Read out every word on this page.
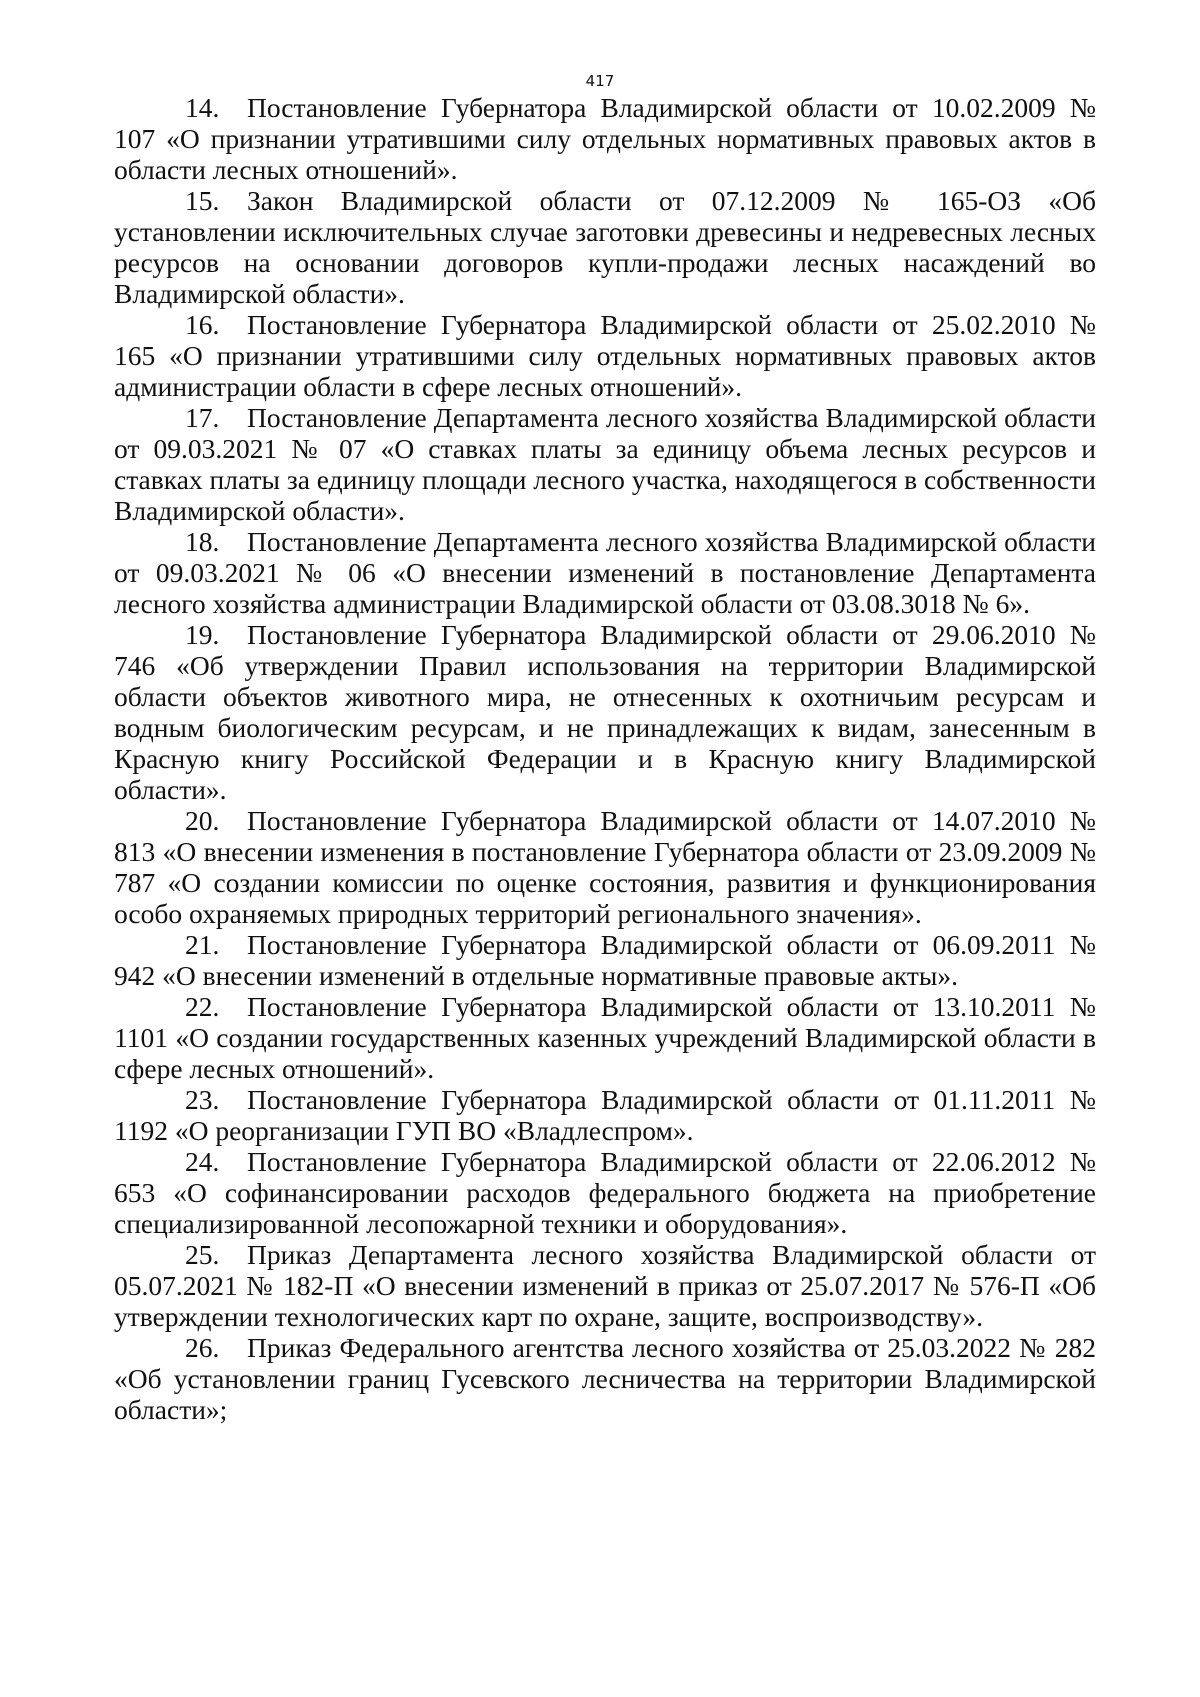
417
14. Постановление Губернатора Владимирской области от 10.02.2009 № 107 «О признании утратившими силу отдельных нормативных правовых актов в области лесных отношений».
15. Закон Владимирской области от 07.12.2009 № 165-ОЗ «Об установлении исключительных случае заготовки древесины и недревесных лесных ресурсов на основании договоров купли-продажи лесных насаждений во Владимирской области».
16. Постановление Губернатора Владимирской области от 25.02.2010 № 165 «О признании утратившими силу отдельных нормативных правовых актов администрации области в сфере лесных отношений».
17. Постановление Департамента лесного хозяйства Владимирской области от 09.03.2021 № 07 «О ставках платы за единицу объема лесных ресурсов и ставках платы за единицу площади лесного участка, находящегося в собственности Владимирской области».
18. Постановление Департамента лесного хозяйства Владимирской области от 09.03.2021 № 06 «О внесении изменений в постановление Департамента лесного хозяйства администрации Владимирской области от 03.08.3018 № 6».
19. Постановление Губернатора Владимирской области от 29.06.2010 № 746 «Об утверждении Правил использования на территории Владимирской области объектов животного мира, не отнесенных к охотничьим ресурсам и водным биологическим ресурсам, и не принадлежащих к видам, занесенным в Красную книгу Российской Федерации и в Красную книгу Владимирской области».
20. Постановление Губернатора Владимирской области от 14.07.2010 № 813 «О внесении изменения в постановление Губернатора области от 23.09.2009 № 787 «О создании комиссии по оценке состояния, развития и функционирования особо охраняемых природных территорий регионального значения».
21. Постановление Губернатора Владимирской области от 06.09.2011 № 942 «О внесении изменений в отдельные нормативные правовые акты».
22. Постановление Губернатора Владимирской области от 13.10.2011 № 1101 «О создании государственных казенных учреждений Владимирской области в сфере лесных отношений».
23. Постановление Губернатора Владимирской области от 01.11.2011 № 1192 «О реорганизации ГУП ВО «Владлеспром».
24. Постановление Губернатора Владимирской области от 22.06.2012 № 653 «О софинансировании расходов федерального бюджета на приобретение специализированной лесопожарной техники и оборудования».
25. Приказ Департамента лесного хозяйства Владимирской области от 05.07.2021 № 182-П «О внесении изменений в приказ от 25.07.2017 № 576-П «Об утверждении технологических карт по охране, защите, воспроизводству».
26. Приказ Федерального агентства лесного хозяйства от 25.03.2022 № 282 «Об установлении границ Гусевского лесничества на территории Владимирской области»;
